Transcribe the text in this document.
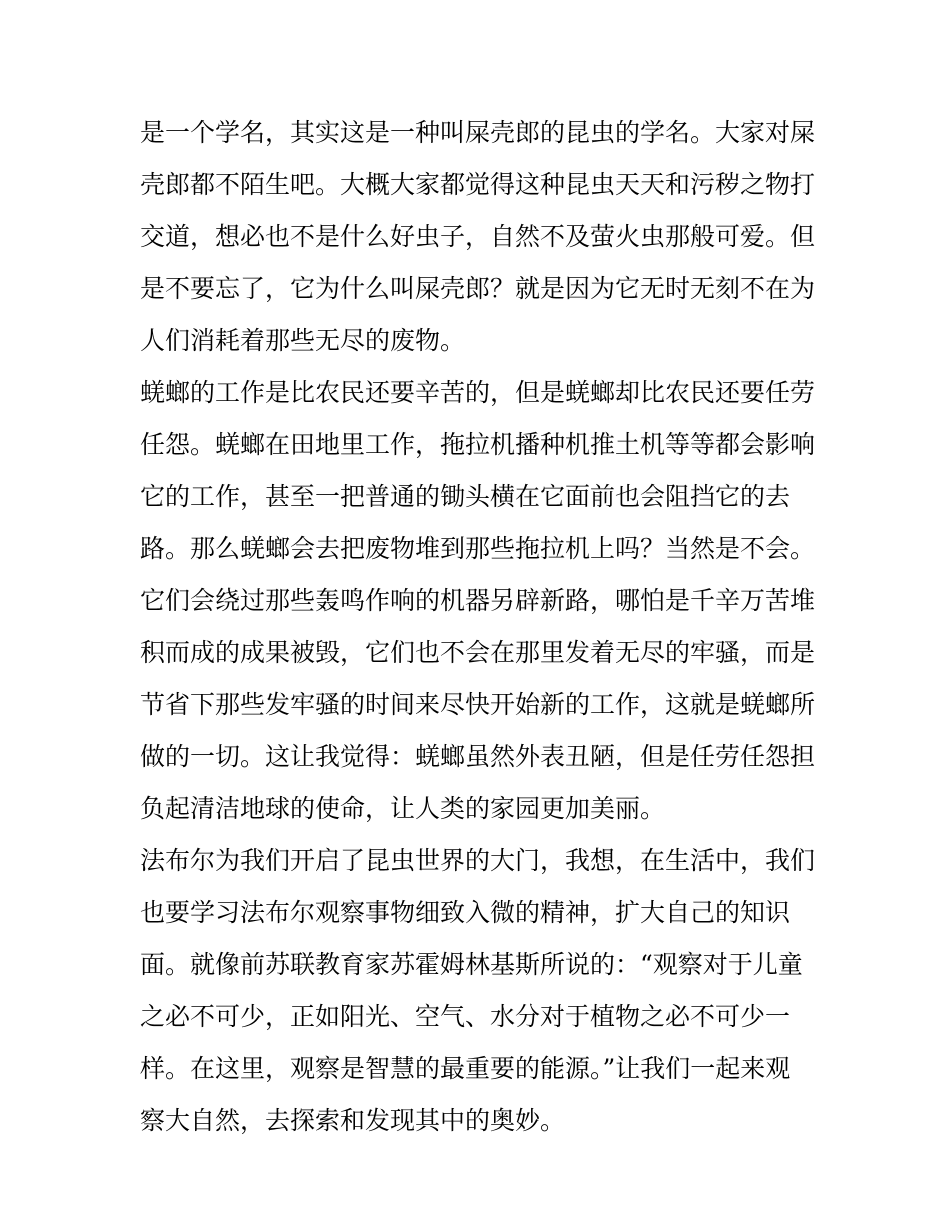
是一个学名，其实这是一种叫屎壳郎的昆虫的学名。大家对屎
壳郎都不陌生吧。大概大家都觉得这种昆虫天天和污秽之物打
交道，想必也不是什么好虫子，自然不及萤火虫那般可爱。但
是不要忘了，它为什么叫屎壳郎？就是因为它无时无刻不在为
人们消耗着那些无尽的废物。
蜣螂的工作是比农民还要辛苦的，但是蜣螂却比农民还要任劳
任怨。蜣螂在田地里工作，拖拉机播种机推土机等等都会影响
它的工作，甚至一把普通的锄头横在它面前也会阻挡它的去
路。那么蜣螂会去把废物堆到那些拖拉机上吗？当然是不会。
它们会绕过那些轰鸣作响的机器另辟新路，哪怕是千辛万苦堆
积而成的成果被毁，它们也不会在那里发着无尽的牢骚，而是
节省下那些发牢骚的时间来尽快开始新的工作，这就是蜣螂所
做的一切。这让我觉得：蜣螂虽然外表丑陋，但是任劳任怨担
负起清洁地球的使命，让人类的家园更加美丽。
法布尔为我们开启了昆虫世界的大门，我想，在生活中，我们
也要学习法布尔观察事物细致入微的精神，扩大自己的知识
面。就像前苏联教育家苏霍姆林基斯所说的：“观察对于儿童
之必不可少，正如阳光、空气、水分对于植物之必不可少一
样。在这里，观察是智慧的最重要的能源。”让我们一起来观
察大自然，去探索和发现其中的奥妙。
